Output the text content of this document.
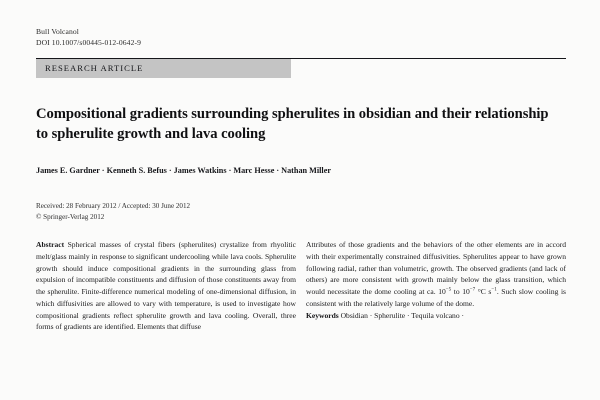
Bull Volcanol
DOI 10.1007/s00445-012-0642-9
RESEARCH ARTICLE
Compositional gradients surrounding spherulites in obsidian and their relationship to spherulite growth and lava cooling
James E. Gardner · Kenneth S. Befus · James Watkins · Marc Hesse · Nathan Miller
Received: 28 February 2012 / Accepted: 30 June 2012
© Springer-Verlag 2012

Abstract Spherical masses of crystal fibers (spherulites) crystalize from rhyolitic melt/glass mainly in response to significant undercooling while lava cools. Spherulite growth should induce compositional gradients in the surrounding glass from expulsion of incompatible constituents and diffusion of those constituents away from the spherulite. Finite-difference numerical modeling of one-dimensional diffusion, in which diffusivities are allowed to vary with temperature, is used to investigate how compositional gradients reflect spherulite growth and lava cooling. Overall, three forms of gradients are identified. Elements that diffuse

Attributes of those gradients and the behaviors of the other elements are in accord with their experimentally constrained diffusivities. Spherulites appear to have grown following radial, rather than volumetric, growth. The observed gradients (and lack of others) are more consistent with growth mainly below the glass transition, which would necessitate the dome cooling at ca. $10^{-5}$ to $10^{-7}$ °C $s^{-1}$. Such slow cooling is consistent with the relatively large volume of the dome.

Keywords Obsidian · Spherulite · Tequila volcano ·
